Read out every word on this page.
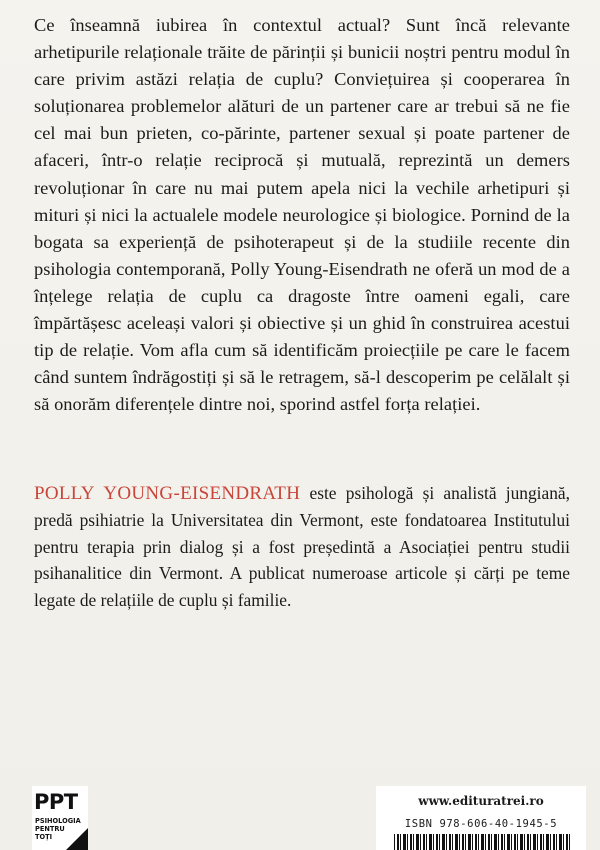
Ce înseamnă iubirea în contextul actual? Sunt încă relevante arhetipurile relaționale trăite de părinții și bunicii noștri pentru modul în care privim astăzi relația de cuplu? Conviețuirea și cooperarea în soluționarea problemelor alături de un partener care ar trebui să ne fie cel mai bun prieten, co-părinte, partener sexual și poate partener de afaceri, într-o relație reciprocă și mutuală, reprezintă un demers revoluționar în care nu mai putem apela nici la vechile arhetipuri și mituri și nici la actualele modele neurologice și biologice. Pornind de la bogata sa experiență de psihoterapeut și de la studiile recente din psihologia contemporană, Polly Young-Eisendrath ne oferă un mod de a înțelege relația de cuplu ca dragoste între oameni egali, care împărtășesc aceleași valori și obiective și un ghid în construirea acestui tip de relație. Vom afla cum să identificăm proiecțiile pe care le facem când suntem îndrăgostiți și să le retragem, să-l descoperim pe celălalt și să onorăm diferențele dintre noi, sporind astfel forța relației.

POLLY YOUNG-EISENDRATH este psihologă și analistă jungiană, predă psihiatrie la Universitatea din Vermont, este fondatoarea Institutului pentru terapia prin dialog și a fost președintă a Asociației pentru studii psihanalitice din Vermont. A publicat numeroase articole și cărți pe teme legate de relațiile de cuplu și familie.

PPT
PSIHOLOGIA
PENTRU
TOȚI
www.edituratrei.ro
ISBN 978-606-40-1945-5
